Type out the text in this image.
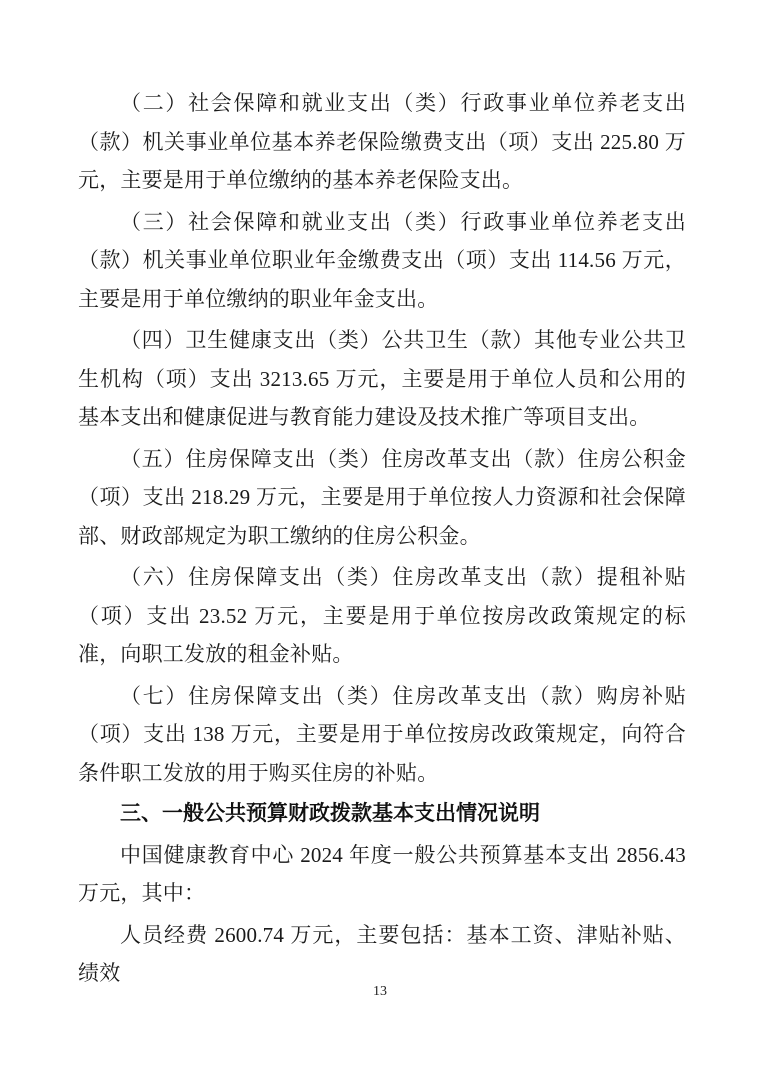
（二）社会保障和就业支出（类）行政事业单位养老支出（款）机关事业单位基本养老保险缴费支出（项）支出 225.80 万元，主要是用于单位缴纳的基本养老保险支出。

（三）社会保障和就业支出（类）行政事业单位养老支出（款）机关事业单位职业年金缴费支出（项）支出 114.56 万元，主要是用于单位缴纳的职业年金支出。

（四）卫生健康支出（类）公共卫生（款）其他专业公共卫生机构（项）支出 3213.65 万元，主要是用于单位人员和公用的基本支出和健康促进与教育能力建设及技术推广等项目支出。

（五）住房保障支出（类）住房改革支出（款）住房公积金（项）支出 218.29 万元，主要是用于单位按人力资源和社会保障部、财政部规定为职工缴纳的住房公积金。

（六）住房保障支出（类）住房改革支出（款）提租补贴（项）支出 23.52 万元，主要是用于单位按房改政策规定的标准，向职工发放的租金补贴。

（七）住房保障支出（类）住房改革支出（款）购房补贴（项）支出 138 万元，主要是用于单位按房改政策规定，向符合条件职工发放的用于购买住房的补贴。

三、一般公共预算财政拨款基本支出情况说明

中国健康教育中心 2024 年度一般公共预算基本支出 2856.43 万元，其中：

人员经费 2600.74 万元，主要包括：基本工资、津贴补贴、绩效

13
